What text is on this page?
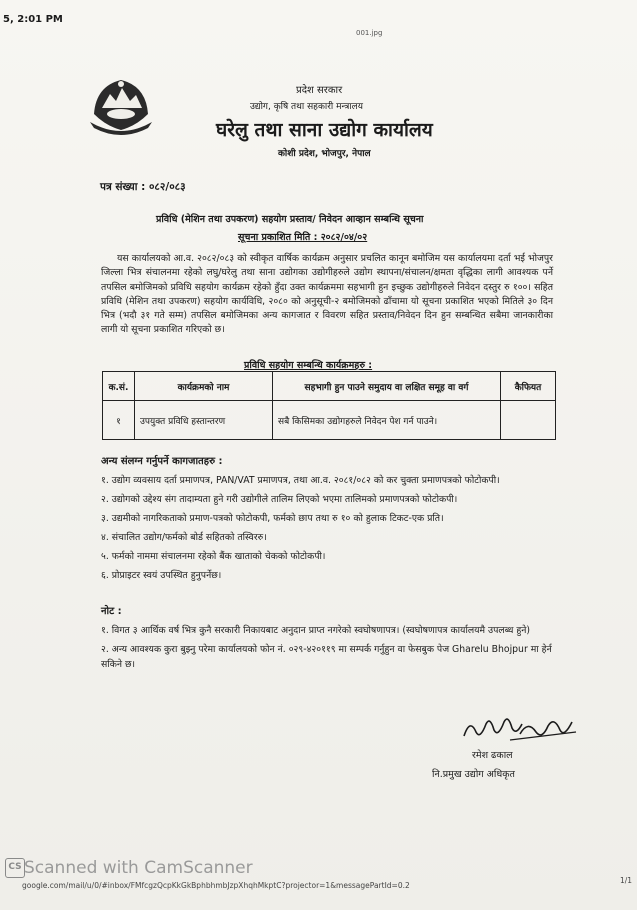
5, 2:01 PM
001.jpg
प्रदेश सरकार
उद्योग, कृषि तथा सहकारी मन्त्रालय
घरेलु तथा साना उद्योग कार्यालय
कोशी प्रदेश, भोजपुर, नेपाल
पत्र संख्या : ०८२/०८३
प्रविधि (मेशिन तथा उपकरण) सहयोग प्रस्ताव/ निवेदन आव्हान सम्बन्धि सूचना
सूचना प्रकाशित मिति : २०८२/०४/०२
यस कार्यालयको आ.व. २०८२/०८३ को स्वीकृत वार्षिक कार्यक्रम अनुसार प्रचलित कानून बमोजिम यस कार्यालयमा दर्ता भई भोजपुर जिल्ला भित्र संचालनमा रहेको लघु/घरेलु तथा साना उद्योगका उद्योगीहरुले उद्योग स्थापना/संचालन/क्षमता वृद्धिका लागी आवश्यक पर्ने तपसिल बमोजिमको प्रविधि सहयोग कार्यक्रम रहेको हुँदा उक्त कार्यक्रममा सहभागी हुन इच्छुक उद्योगीहरुले निवेदन दस्तुर रु १००। सहित प्रविधि (मेशिन तथा उपकरण) सहयोग कार्यविधि, २०८० को अनुसूची-२ बमोजिमको ढाँचामा यो सूचना प्रकाशित भएको मितिले ३० दिन भित्र (भदौ ३१ गते सम्म) तपसिल बमोजिमका अन्य कागजात र विवरण सहित प्रस्ताव/निवेदन दिन हुन सम्बन्धित सबैमा जानकारीका लागी यो सूचना प्रकाशित गरिएको छ।
प्रविधि सहयोग सम्बन्धि कार्यक्रमहरु :
क.सं.	कार्यक्रमको नाम	सहभागी हुन पाउने समुदाय वा लक्षित समूह वा वर्ग	कैफियत
१	उपयुक्त प्रविधि हस्तान्तरण	सबै किसिमका उद्योगहरुले निवेदन पेश गर्न पाउने।	
अन्य संलग्न गर्नुपर्ने कागजातहरु :
१. उद्योग व्यवसाय दर्ता प्रमाणपत्र, PAN/VAT प्रमाणपत्र, तथा आ.व. २०८१/०८२ को कर चुक्ता प्रमाणपत्रको फोटोकपी।
२. उद्योगको उद्देश्य संग तादाम्यता हुने गरी उद्योगीले तालिम लिएको भएमा तालिमको प्रमाणपत्रको फोटोकपी।
३. उद्यमीको नागरिकताको प्रमाण-पत्रको फोटोकपी, फर्मको छाप तथा रु १० को हुलाक टिकट-एक प्रति।
४. संचालित उद्योग/फर्मको बोर्ड सहितको तस्विररु।
५. फर्मको नाममा संचालनमा रहेको बैंक खाताको चेकको फोटोकपी।
६. प्रोप्राइटर स्वयं उपस्थित हुनुपर्नेछ।
नोट :
१. विगत ३ आर्थिक वर्ष भित्र कुनै सरकारी निकायबाट अनुदान प्राप्त नगरेको स्वघोषणापत्र। (स्वघोषणापत्र कार्यालयमै उपलब्ध हुने)
२. अन्य आवश्यक कुरा बुझ्नु परेमा कार्यालयको फोन नं. ०२९-४२०११९ मा सम्पर्क गर्नुहुन वा फेसबुक पेज Gharelu Bhojpur मा हेर्न सकिने छ।
रमेश ढकाल
नि.प्रमुख उद्योग अधिकृत
CS Scanned with CamScanner
google.com/mail/u/0/#inbox/FMfcgzQcpKkGkBphbhmbJzpXhqhMkptC?projector=1&messagePartId=0.2
1/1
